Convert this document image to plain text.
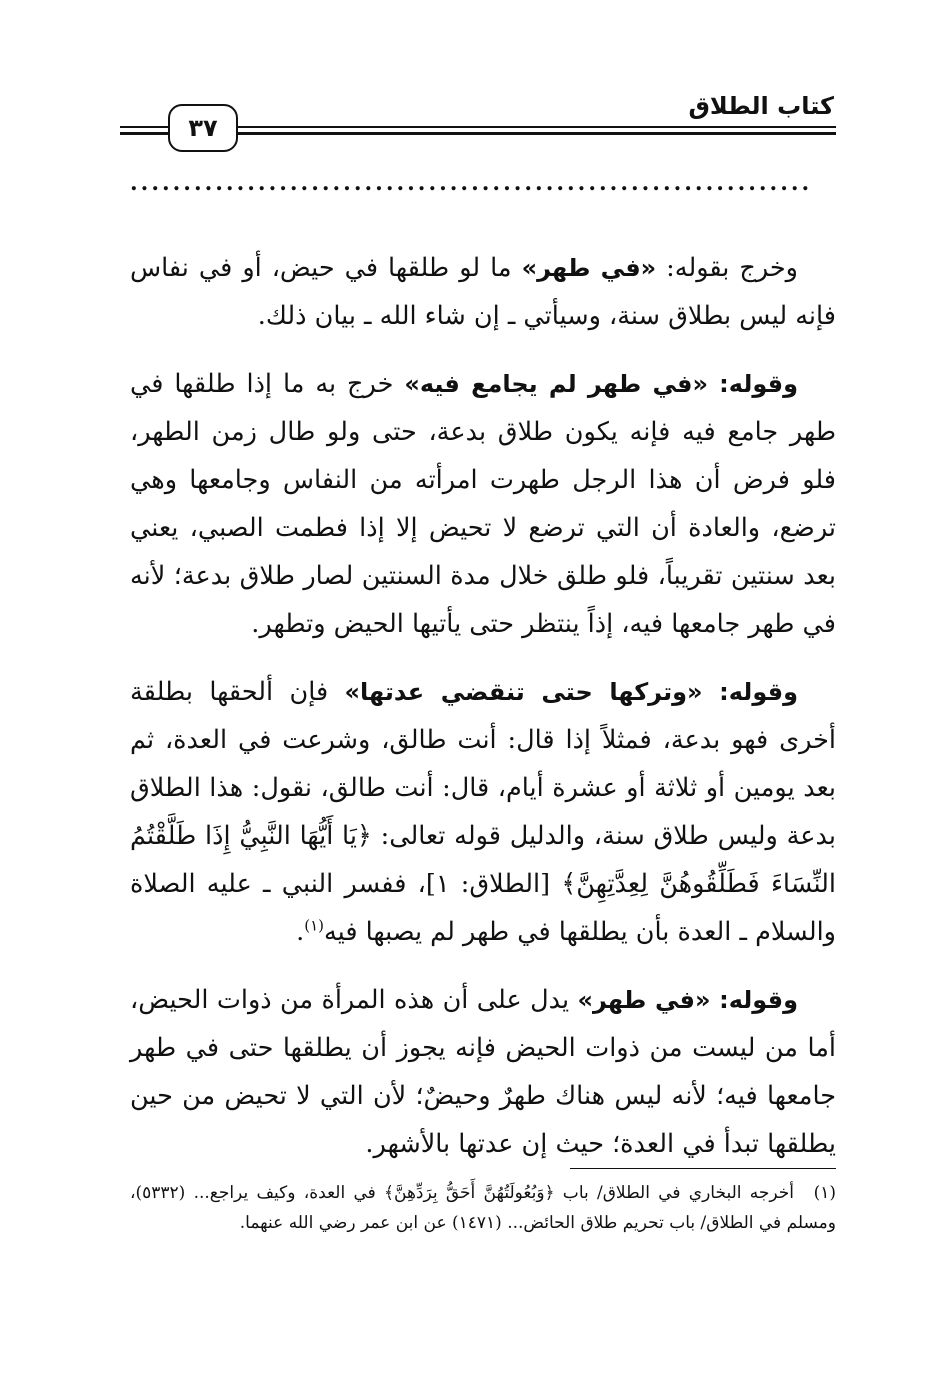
كتاب الطلاق
٣٧
................................................................

وخرج بقوله: «في طهر» ما لو طلقها في حيض، أو في نفاس فإنه ليس بطلاق سنة، وسيأتي ـ إن شاء الله ـ بيان ذلك.

وقوله: «في طهر لم يجامع فيه» خرج به ما إذا طلقها في طهر جامع فيه فإنه يكون طلاق بدعة، حتى ولو طال زمن الطهر، فلو فرض أن هذا الرجل طهرت امرأته من النفاس وجامعها وهي ترضع، والعادة أن التي ترضع لا تحيض إلا إذا فطمت الصبي، يعني بعد سنتين تقريباً، فلو طلق خلال مدة السنتين لصار طلاق بدعة؛ لأنه في طهر جامعها فيه، إذاً ينتظر حتى يأتيها الحيض وتطهر.

وقوله: «وتركها حتى تنقضي عدتها» فإن ألحقها بطلقة أخرى فهو بدعة، فمثلاً إذا قال: أنت طالق، وشرعت في العدة، ثم بعد يومين أو ثلاثة أو عشرة أيام، قال: أنت طالق، نقول: هذا الطلاق بدعة وليس طلاق سنة، والدليل قوله تعالى: ﴿يَا أَيُّهَا النَّبِيُّ إِذَا طَلَّقْتُمُ النِّسَاءَ فَطَلِّقُوهُنَّ لِعِدَّتِهِنَّ﴾ [الطلاق: ١]، ففسر النبي ـ عليه الصلاة والسلام ـ العدة بأن يطلقها في طهر لم يصبها فيه$^{(١)}$.

وقوله: «في طهر» يدل على أن هذه المرأة من ذوات الحيض، أما من ليست من ذوات الحيض فإنه يجوز أن يطلقها حتى في طهر جامعها فيه؛ لأنه ليس هناك طهرٌ وحيضٌ؛ لأن التي لا تحيض من حين يطلقها تبدأ في العدة؛ حيث إن عدتها بالأشهر.

(١)أخرجه البخاري في الطلاق/ باب ﴿وَبُعُولَتُهُنَّ أَحَقُّ بِرَدِّهِنَّ﴾ في العدة، وكيف يراجع... (٥٣٣٢)، ومسلم في الطلاق/ باب تحريم طلاق الحائض... (١٤٧١) عن ابن عمر رضي الله عنهما.
